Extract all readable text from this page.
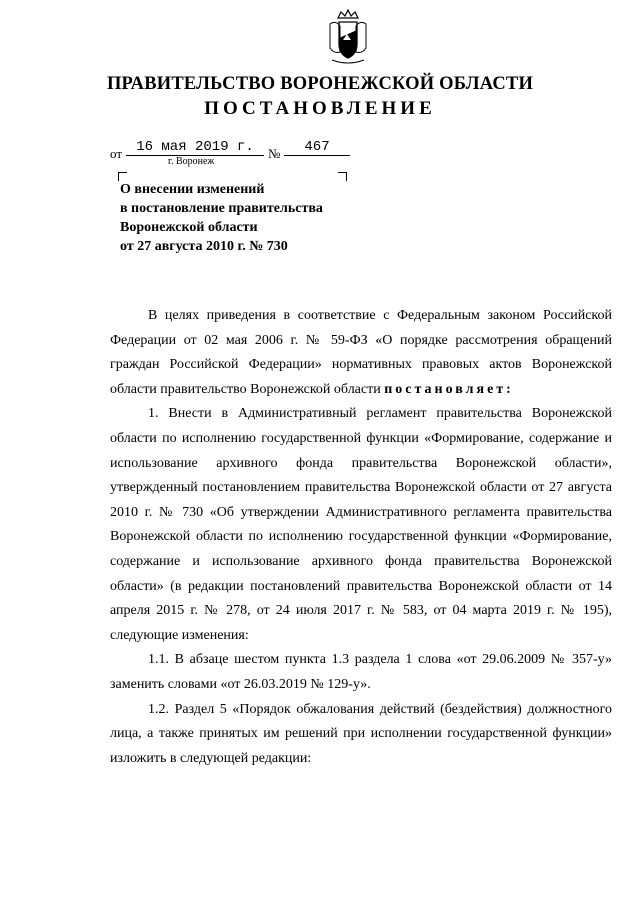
ПРАВИТЕЛЬСТВО ВОРОНЕЖСКОЙ ОБЛАСТИ
ПОСТАНОВЛЕНИЕ
от	16 мая 2019 г.	№	467
г. Воронеж
О внесении изменений
в постановление правительства
Воронежской области
от 27 августа 2010 г. № 730

В целях приведения в соответствие с Федеральным законом Российской Федерации от 02 мая 2006 г. № 59-ФЗ «О порядке рассмотрения обращений граждан Российской Федерации» нормативных правовых актов Воронежской области правительство Воронежской области постановляет:

1. Внести в Административный регламент правительства Воронежской области по исполнению государственной функции «Формирование, содержание и использование архивного фонда правительства Воронежской области», утвержденный постановлением правительства Воронежской области от 27 августа 2010 г. № 730 «Об утверждении Административного регламента правительства Воронежской области по исполнению государственной функции «Формирование, содержание и использование архивного фонда правительства Воронежской области» (в редакции постановлений правительства Воронежской области от 14 апреля 2015 г. № 278, от 24 июля 2017 г. № 583, от 04 марта 2019 г. № 195), следующие изменения:

1.1. В абзаце шестом пункта 1.3 раздела 1 слова «от 29.06.2009 № 357-у» заменить словами «от 26.03.2019 № 129-у».

1.2. Раздел 5 «Порядок обжалования действий (бездействия) должностного лица, а также принятых им решений при исполнении государственной функции» изложить в следующей редакции:
